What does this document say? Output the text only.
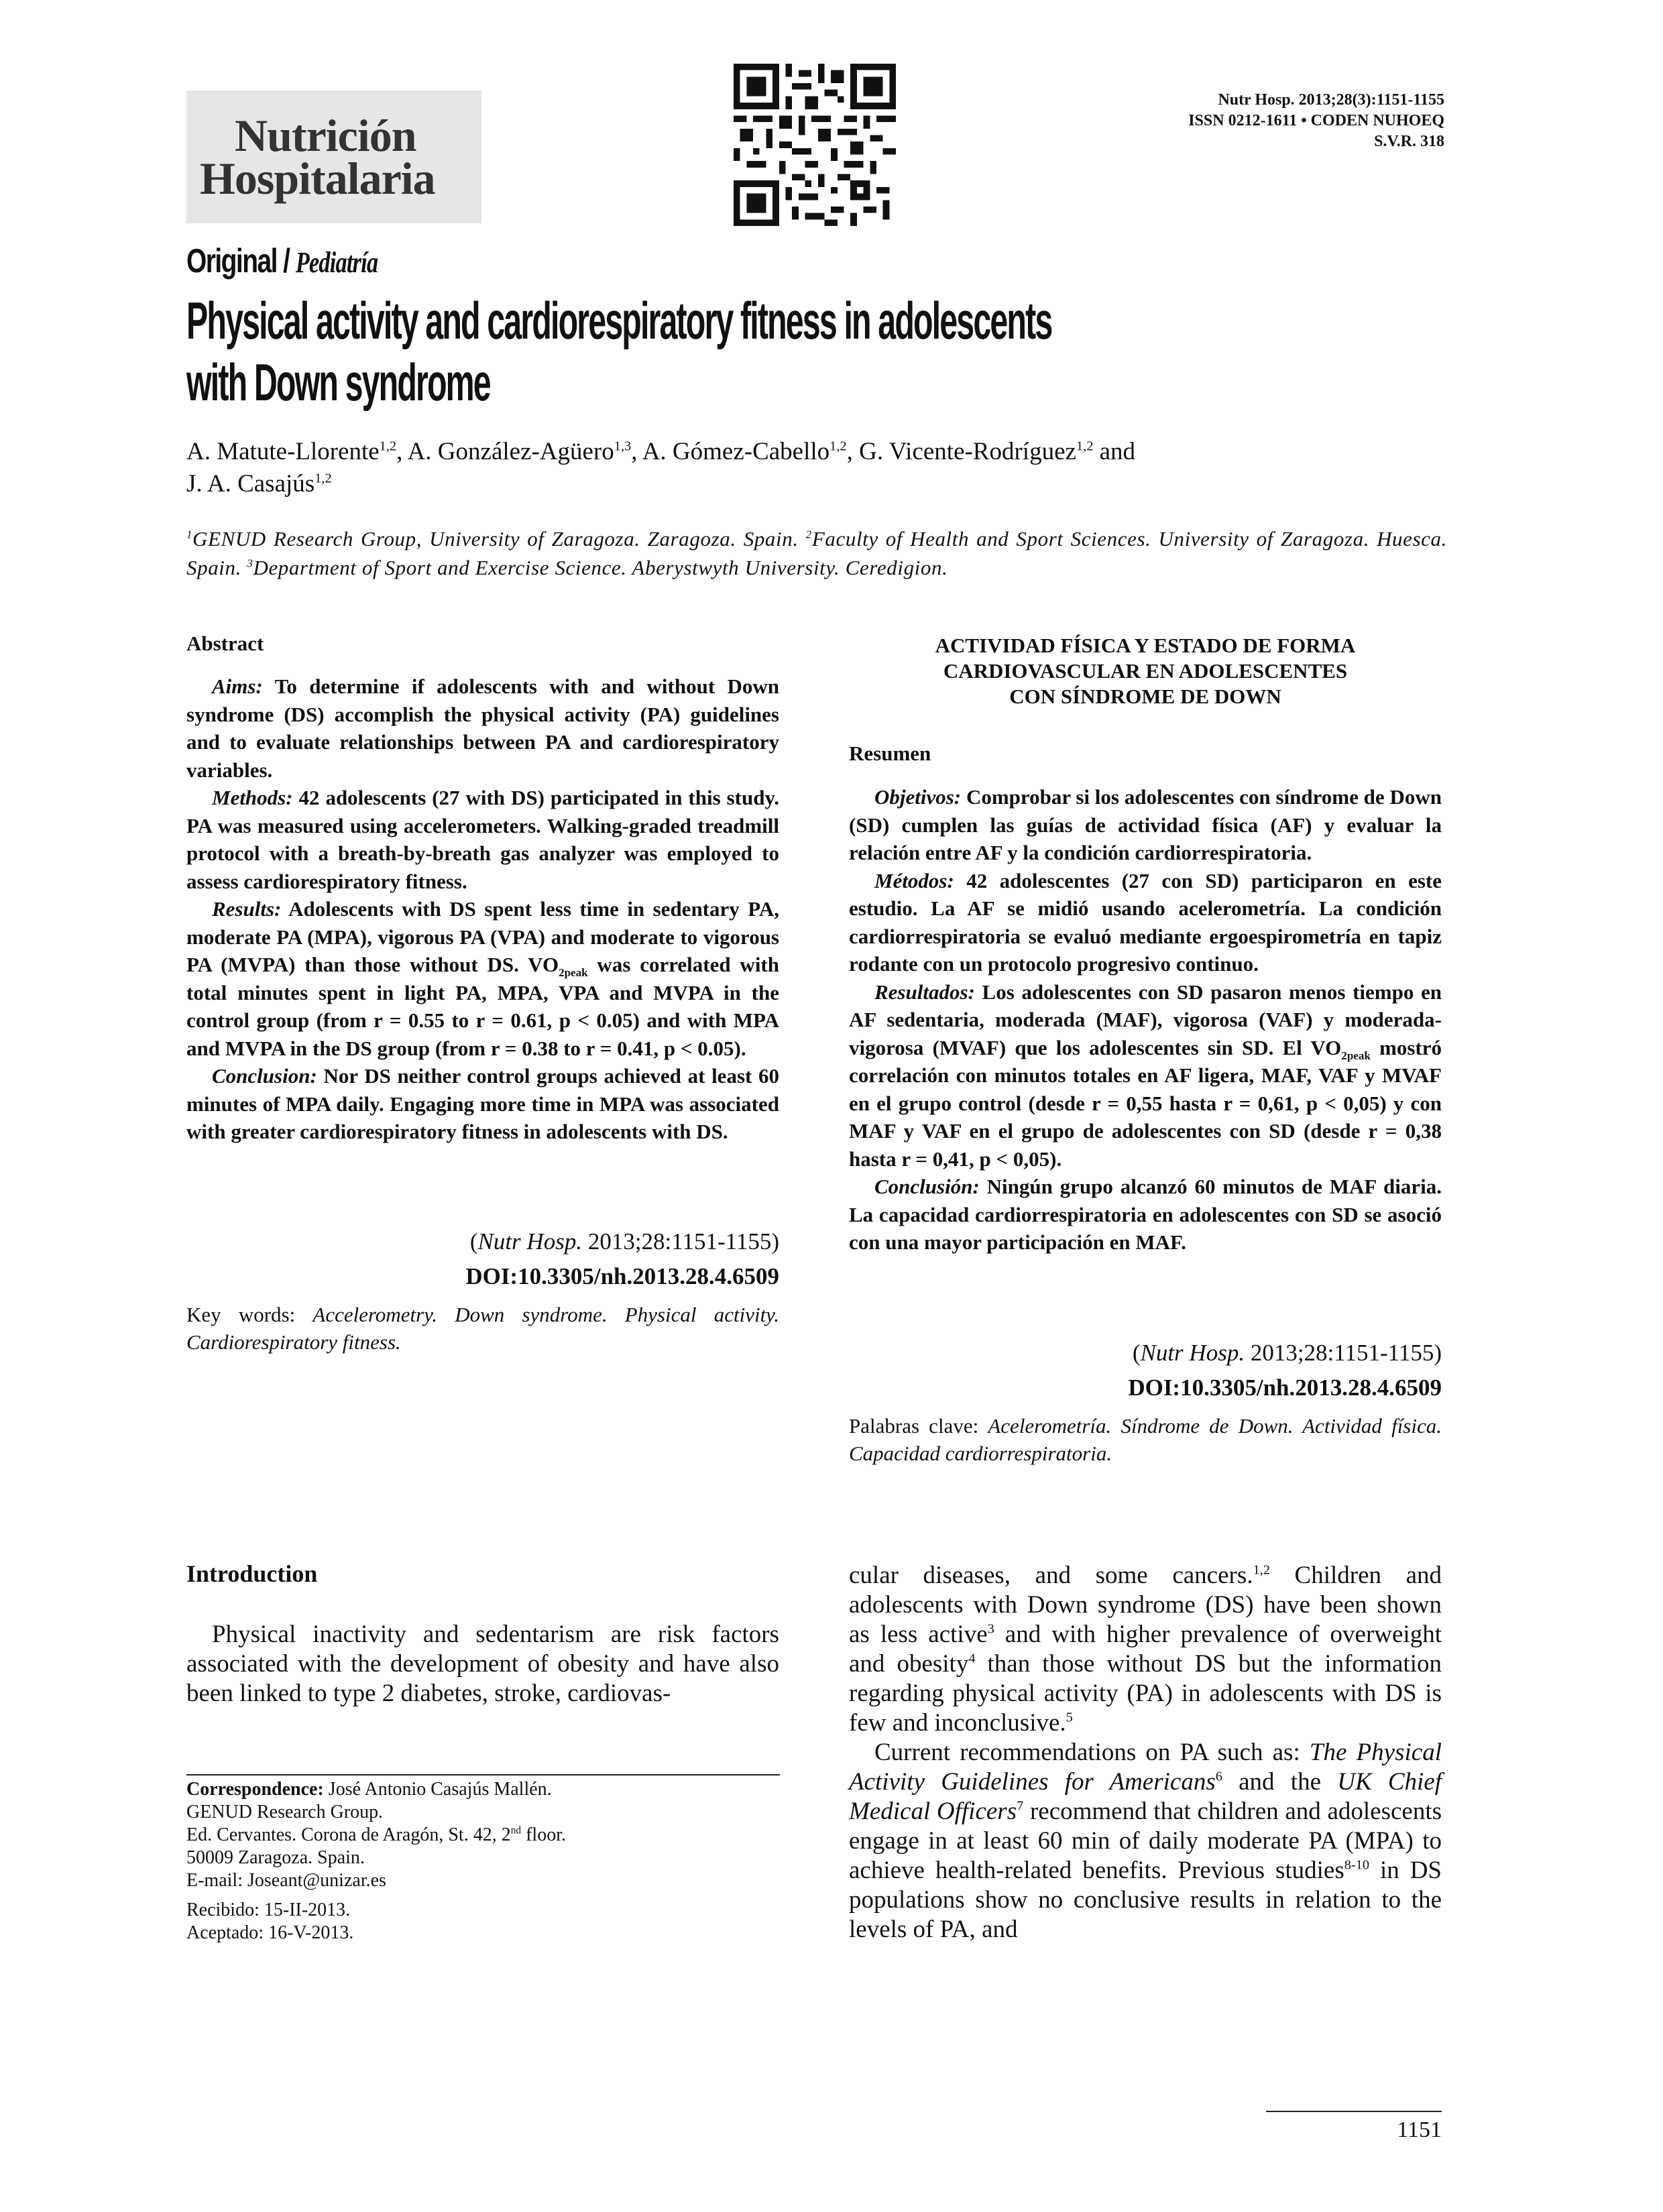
Nutrición
Hospitalaria
Nutr Hosp. 2013;28(3):1151-1155
ISSN 0212-1611 • CODEN NUHOEQ
S.V.R. 318
Original / Pediatría
Physical activity and cardiorespiratory fitness in adolescents
with Down syndrome
A. Matute-Llorente$^{1,2}$, A. González-Agüero$^{1,3}$, A. Gómez-Cabello$^{1,2}$, G. Vicente-Rodríguez$^{1,2}$ and
J. A. Casajús$^{1,2}$
$^1$GENUD Research Group, University of Zaragoza. Zaragoza. Spain. $^2$Faculty of Health and Sport Sciences. University of Zaragoza. Huesca. Spain. $^3$Department of Sport and Exercise Science. Aberystwyth University. Ceredigion.
Abstract

Aims: To determine if adolescents with and without Down syndrome (DS) accomplish the physical activity (PA) guidelines and to evaluate relationships between PA and cardiorespiratory variables.

Methods: 42 adolescents (27 with DS) participated in this study. PA was measured using accelerometers. Walking-graded treadmill protocol with a breath-by-breath gas analyzer was employed to assess cardiorespiratory fitness.

Results: Adolescents with DS spent less time in sedentary PA, moderate PA (MPA), vigorous PA (VPA) and moderate to vigorous PA (MVPA) than those without DS. $VO_{2peak}$ was correlated with total minutes spent in light PA, MPA, VPA and MVPA in the control group (from r = 0.55 to r = 0.61, p < 0.05) and with MPA and MVPA in the DS group (from r = 0.38 to r = 0.41, p < 0.05).

Conclusion: Nor DS neither control groups achieved at least 60 minutes of MPA daily. Engaging more time in MPA was associated with greater cardiorespiratory fitness in adolescents with DS.

(Nutr Hosp. 2013;28:1151-1155)
DOI:10.3305/nh.2013.28.4.6509
Key words: Accelerometry. Down syndrome. Physical activity. Cardiorespiratory fitness.
ACTIVIDAD FÍSICA Y ESTADO DE FORMA
CARDIOVASCULAR EN ADOLESCENTES
CON SÍNDROME DE DOWN
Resumen

Objetivos: Comprobar si los adolescentes con síndrome de Down (SD) cumplen las guías de actividad física (AF) y evaluar la relación entre AF y la condición cardiorrespiratoria.

Métodos: 42 adolescentes (27 con SD) participaron en este estudio. La AF se midió usando acelerometría. La condición cardiorrespiratoria se evaluó mediante ergoespirometría en tapiz rodante con un protocolo progresivo continuo.

Resultados: Los adolescentes con SD pasaron menos tiempo en AF sedentaria, moderada (MAF), vigorosa (VAF) y moderada-vigorosa (MVAF) que los adolescentes sin SD. El $VO_{2peak}$ mostró correlación con minutos totales en AF ligera, MAF, VAF y MVAF en el grupo control (desde r = 0,55 hasta r = 0,61, p < 0,05) y con MAF y VAF en el grupo de adolescentes con SD (desde r = 0,38 hasta r = 0,41, p < 0,05).

Conclusión: Ningún grupo alcanzó 60 minutos de MAF diaria. La capacidad cardiorrespiratoria en adolescentes con SD se asoció con una mayor participación en MAF.

(Nutr Hosp. 2013;28:1151-1155)
DOI:10.3305/nh.2013.28.4.6509
Palabras clave: Acelerometría. Síndrome de Down. Actividad física. Capacidad cardiorrespiratoria.
Introduction

Physical inactivity and sedentarism are risk factors associated with the development of obesity and have also been linked to type 2 diabetes, stroke, cardiovas-

cular diseases, and some cancers.$^{1,2}$ Children and adolescents with Down syndrome (DS) have been shown as less active$^3$ and with higher prevalence of overweight and obesity$^4$ than those without DS but the information regarding physical activity (PA) in adolescents with DS is few and inconclusive.$^5$

Current recommendations on PA such as: The Physical Activity Guidelines for Americans$^6$ and the UK Chief Medical Officers$^7$ recommend that children and adolescents engage in at least 60 min of daily moderate PA (MPA) to achieve health-related benefits. Previous studies$^{8-10}$ in DS populations show no conclusive results in relation to the levels of PA, and

Correspondence: José Antonio Casajús Mallén.
GENUD Research Group.
Ed. Cervantes. Corona de Aragón, St. 42, 2nd floor.
50009 Zaragoza. Spain.
E-mail: Joseant@unizar.es
Recibido: 15-II-2013.
Aceptado: 16-V-2013.
1151
